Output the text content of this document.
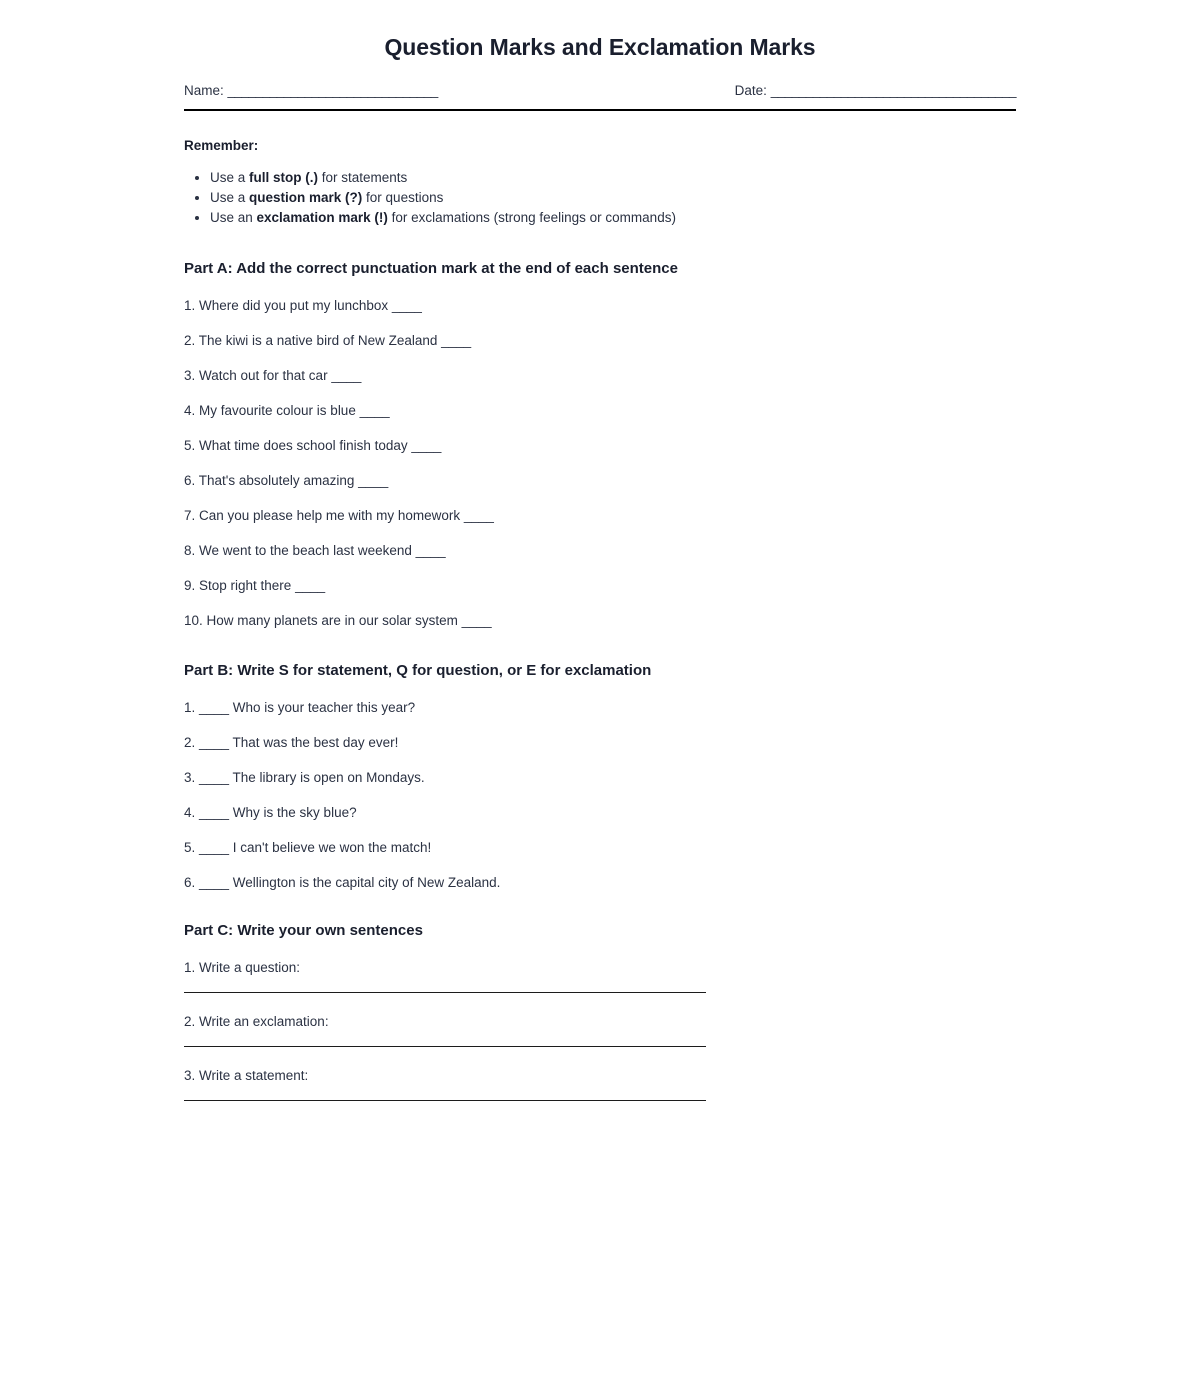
Question Marks and Exclamation Marks
Name: ______________________________	Date: ___________________________________
Remember:
• Use a full stop (.) for statements
• Use a question mark (?) for questions
• Use an exclamation mark (!) for exclamations (strong feelings or commands)
Part A: Add the correct punctuation mark at the end of each sentence
1. Where did you put my lunchbox ____
2. The kiwi is a native bird of New Zealand ____
3. Watch out for that car ____
4. My favourite colour is blue ____
5. What time does school finish today ____
6. That's absolutely amazing ____
7. Can you please help me with my homework ____
8. We went to the beach last weekend ____
9. Stop right there ____
10. How many planets are in our solar system ____
Part B: Write S for statement, Q for question, or E for exclamation
1. ____ Who is your teacher this year?
2. ____ That was the best day ever!
3. ____ The library is open on Mondays.
4. ____ Why is the sky blue?
5. ____ I can't believe we won the match!
6. ____ Wellington is the capital city of New Zealand.
Part C: Write your own sentences
1. Write a question:
2. Write an exclamation:
3. Write a statement:
